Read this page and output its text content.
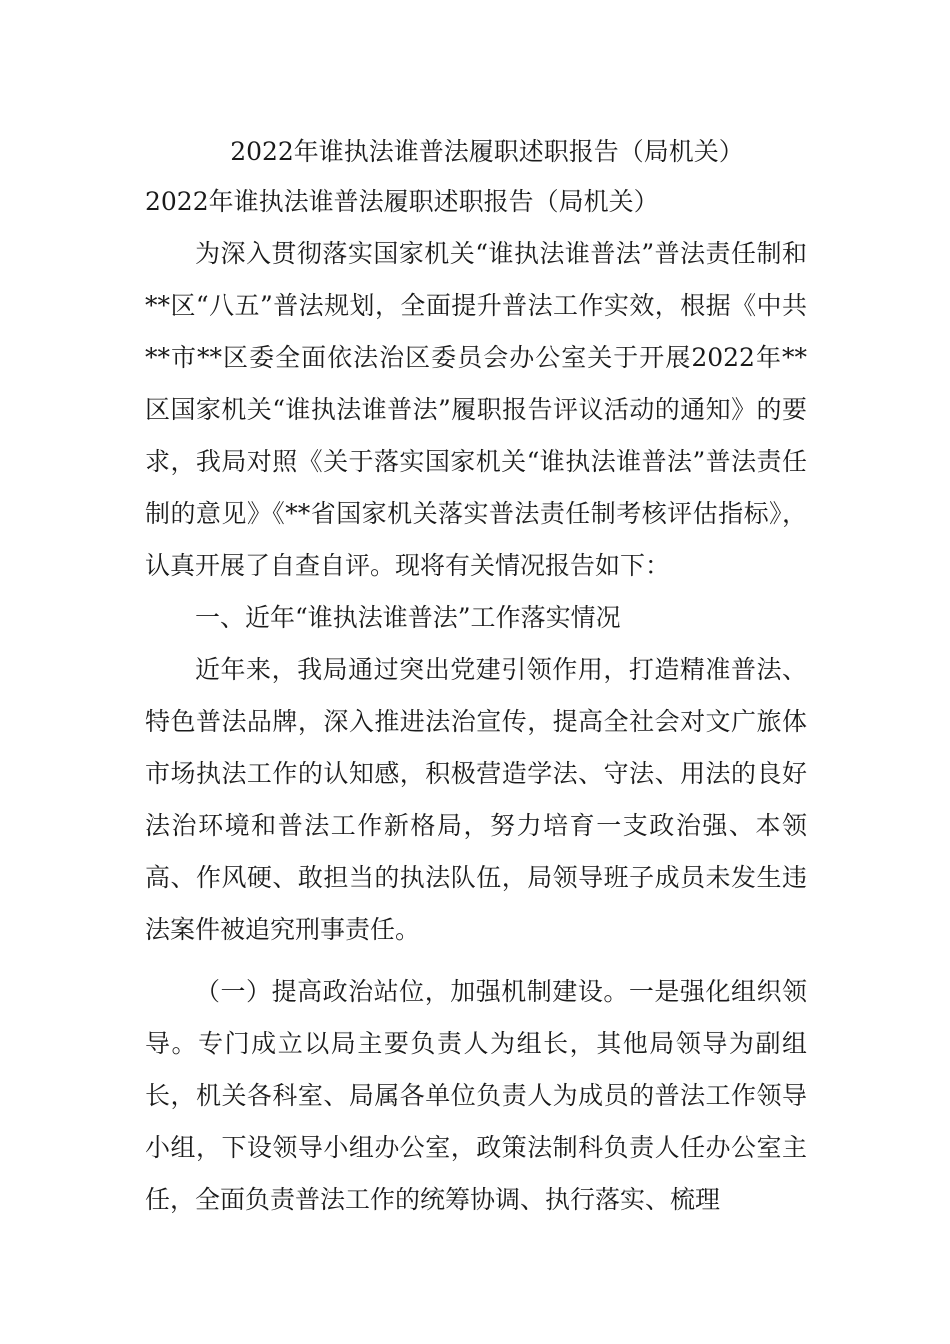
2022年谁执法谁普法履职述职报告（局机关）

2022年谁执法谁普法履职述职报告（局机关）

为深入贯彻落实国家机关“谁执法谁普法”普法责任制和**区“八五”普法规划，全面提升普法工作实效，根据《中共**市**区委全面依法治区委员会办公室关于开展2022年**区国家机关“谁执法谁普法”履职报告评议活动的通知》的要求，我局对照《关于落实国家机关“谁执法谁普法”普法责任制的意见》《**省国家机关落实普法责任制考核评估指标》，认真开展了自查自评。现将有关情况报告如下：

一、近年“谁执法谁普法”工作落实情况

近年来，我局通过突出党建引领作用，打造精准普法、特色普法品牌，深入推进法治宣传，提高全社会对文广旅体市场执法工作的认知感，积极营造学法、守法、用法的良好法治环境和普法工作新格局，努力培育一支政治强、本领高、作风硬、敢担当的执法队伍，局领导班子成员未发生违法案件被追究刑事责任。

（一）提高政治站位，加强机制建设。一是强化组织领导。专门成立以局主要负责人为组长，其他局领导为副组长，机关各科室、局属各单位负责人为成员的普法工作领导小组，下设领导小组办公室，政策法制科负责人任办公室主任，全面负责普法工作的统筹协调、执行落实、梳理
